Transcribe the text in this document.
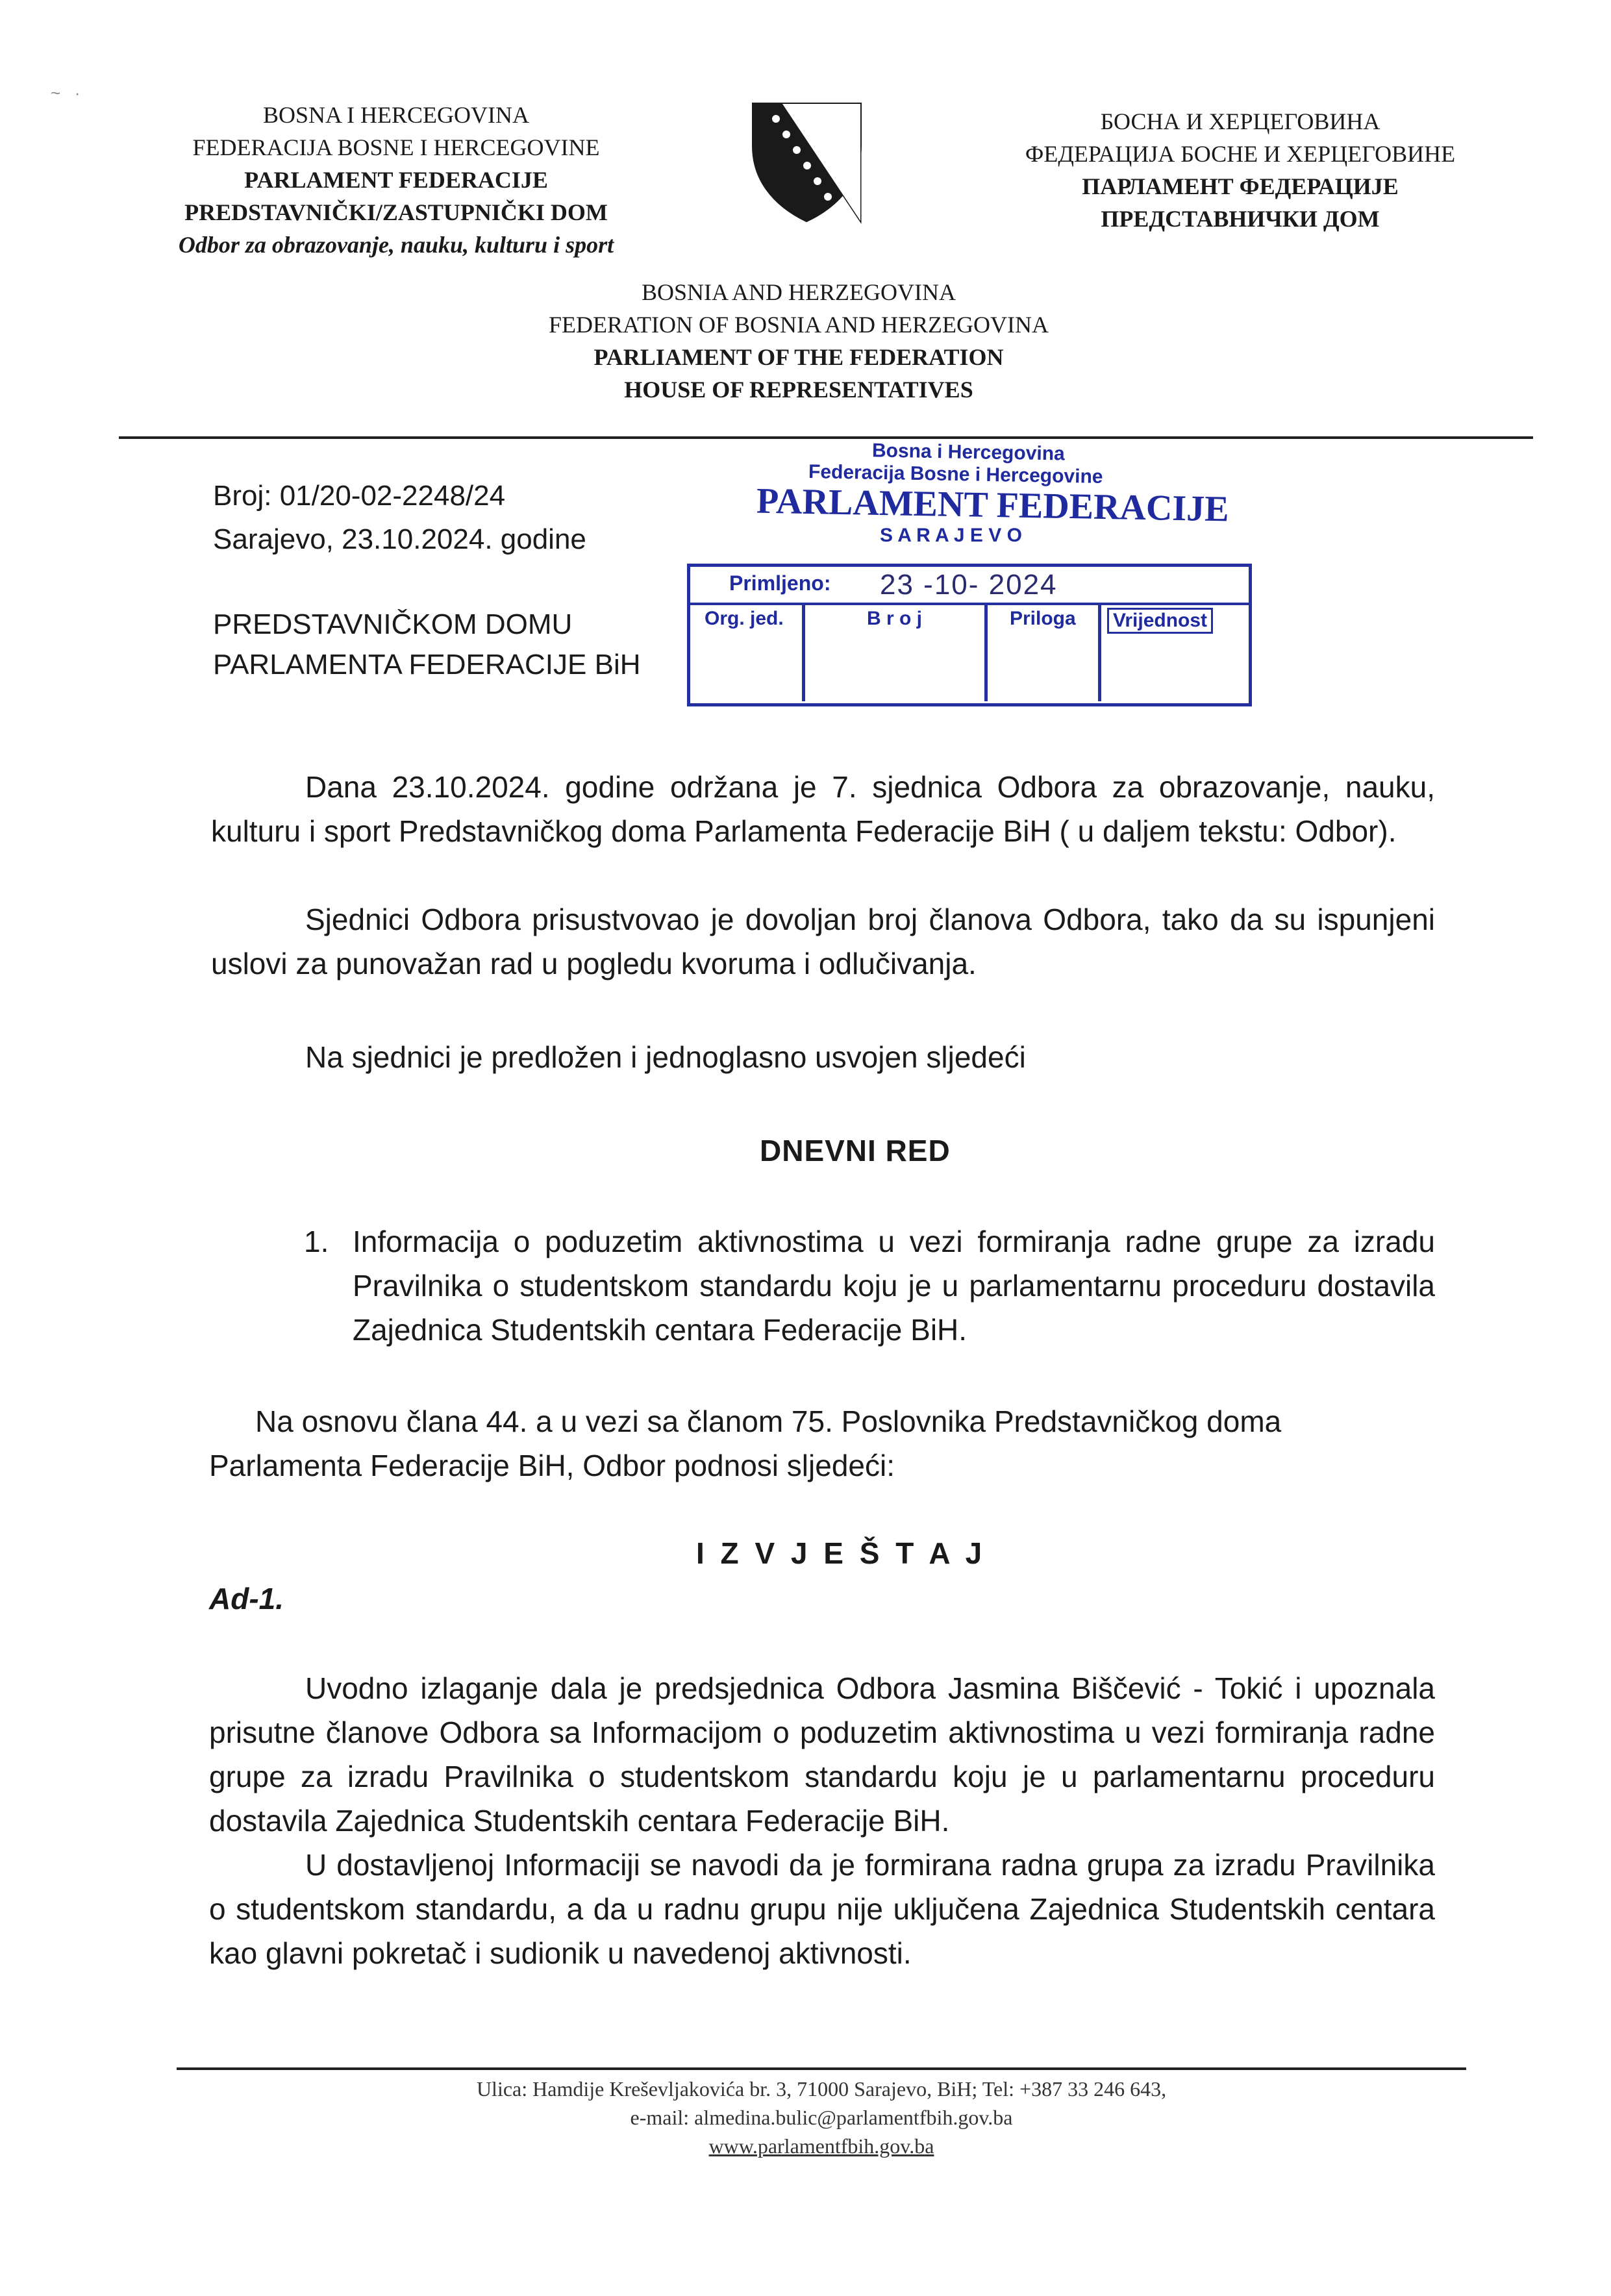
~   ·
BOSNA I HERCEGOVINA
FEDERACIJA BOSNE I HERCEGOVINE
PARLAMENT FEDERACIJE
PREDSTAVNIČKI/ZASTUPNIČKI DOM
Odbor za obrazovanje, nauku, kulturu i sport
БОСНА И ХЕРЦЕГОВИНА
ФЕДЕРАЦИЈА БОСНЕ И ХЕРЦЕГОВИНЕ
ПАРЛАМЕНТ ФЕДЕРАЦИЈЕ
ПРЕДСТАВНИЧКИ ДОМ
BOSNIA AND HERZEGOVINA
FEDERATION OF BOSNIA AND HERZEGOVINA
PARLIAMENT OF THE FEDERATION
HOUSE OF REPRESENTATIVES
Broj: 01/20-02-2248/24
Sarajevo, 23.10.2024. godine
PREDSTAVNIČKOM DOMU
PARLAMENTA FEDERACIJE BiH
Bosna i Hercegovina
Federacija Bosne i Hercegovine
PARLAMENT FEDERACIJE
S A R A J E V O
Primljeno: 23 -10- 2024
Org. jed.	B r o j	Priloga	Vrijednost
Dana 23.10.2024. godine održana je 7. sjednica Odbora za obrazovanje, nauku, kulturu i sport Predstavničkog doma Parlamenta Federacije BiH ( u daljem tekstu: Odbor).
Sjednici Odbora prisustvovao je dovoljan broj članova Odbora, tako da su ispunjeni uslovi za punovažan rad u pogledu kvoruma i odlučivanja.
Na sjednici je predložen i jednoglasno usvojen sljedeći
DNEVNI RED
1. Informacija o poduzetim aktivnostima u vezi formiranja radne grupe za izradu Pravilnika o studentskom standardu koju je u parlamentarnu proceduru dostavila Zajednica Studentskih centara Federacije BiH.
Na osnovu člana 44. a u vezi sa članom 75. Poslovnika Predstavničkog doma
Parlamenta Federacije BiH, Odbor podnosi sljedeći:
I Z V J E Š T A J
Ad-1.
Uvodno izlaganje dala je predsjednica Odbora Jasmina Biščević - Tokić i upoznala prisutne članove Odbora sa Informacijom o poduzetim aktivnostima u vezi formiranja radne grupe za izradu Pravilnika o studentskom standardu koju je u parlamentarnu proceduru dostavila Zajednica Studentskih centara Federacije BiH.
U dostavljenoj Informaciji se navodi da je formirana radna grupa za izradu Pravilnika o studentskom standardu, a da u radnu grupu nije uključena Zajednica Studentskih centara kao glavni pokretač i sudionik u navedenoj aktivnosti.
Ulica: Hamdije Kreševljakovića br. 3, 71000 Sarajevo, BiH; Tel: +387 33 246 643,
e-mail: almedina.bulic@parlamentfbih.gov.ba
www.parlamentfbih.gov.ba
